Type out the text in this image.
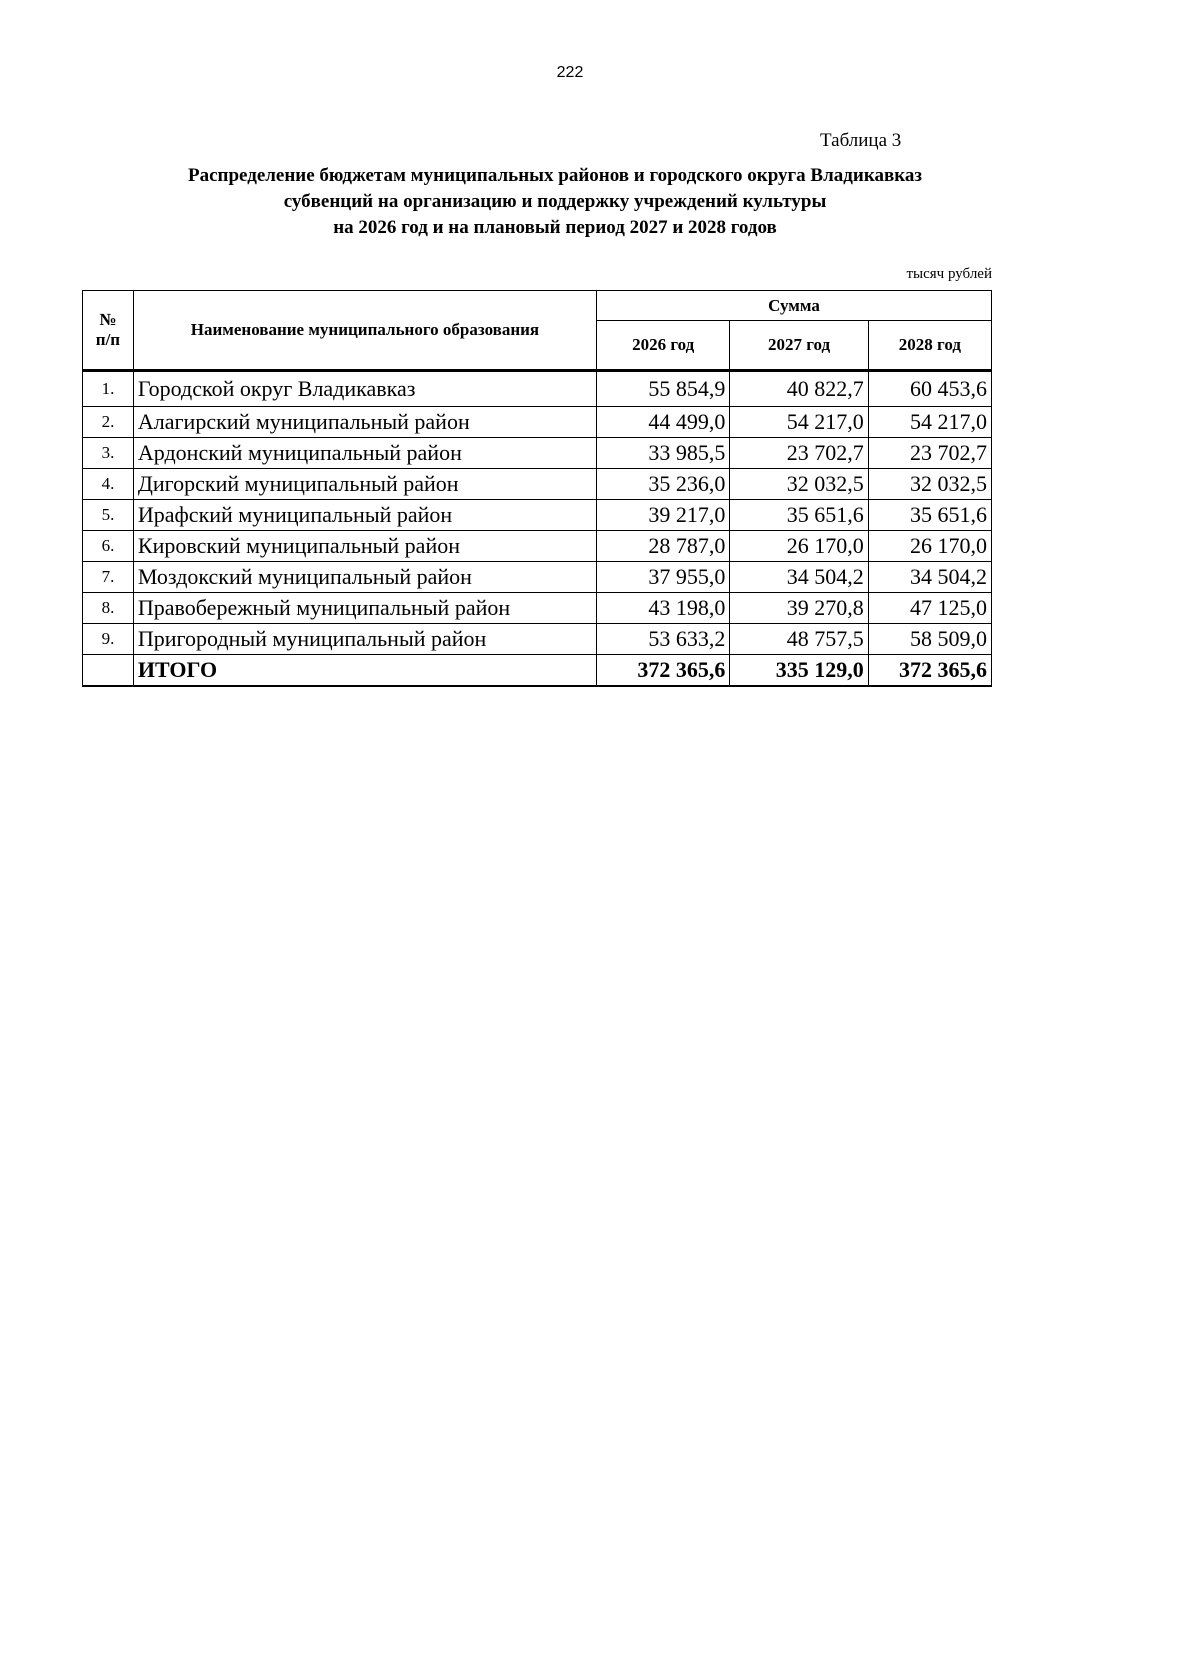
222
Таблица 3
Распределение бюджетам муниципальных районов и городского округа Владикавказ
субвенций на организацию и поддержку учреждений культуры
на 2026 год и на плановый период 2027 и 2028 годов
тысяч рублей
№
п/п	Наименование муниципального образования	Сумма		
		2026 год	2027 год	2028 год
1.	Городской округ Владикавказ	55 854,9	40 822,7	60 453,6
2.	Алагирский муниципальный район	44 499,0	54 217,0	54 217,0
3.	Ардонский муниципальный район	33 985,5	23 702,7	23 702,7
4.	Дигорский муниципальный район	35 236,0	32 032,5	32 032,5
5.	Ирафский муниципальный район	39 217,0	35 651,6	35 651,6
6.	Кировский муниципальный район	28 787,0	26 170,0	26 170,0
7.	Моздокский муниципальный район	37 955,0	34 504,2	34 504,2
8.	Правобережный муниципальный район	43 198,0	39 270,8	47 125,0
9.	Пригородный муниципальный район	53 633,2	48 757,5	58 509,0
	ИТОГО	372 365,6	335 129,0	372 365,6
